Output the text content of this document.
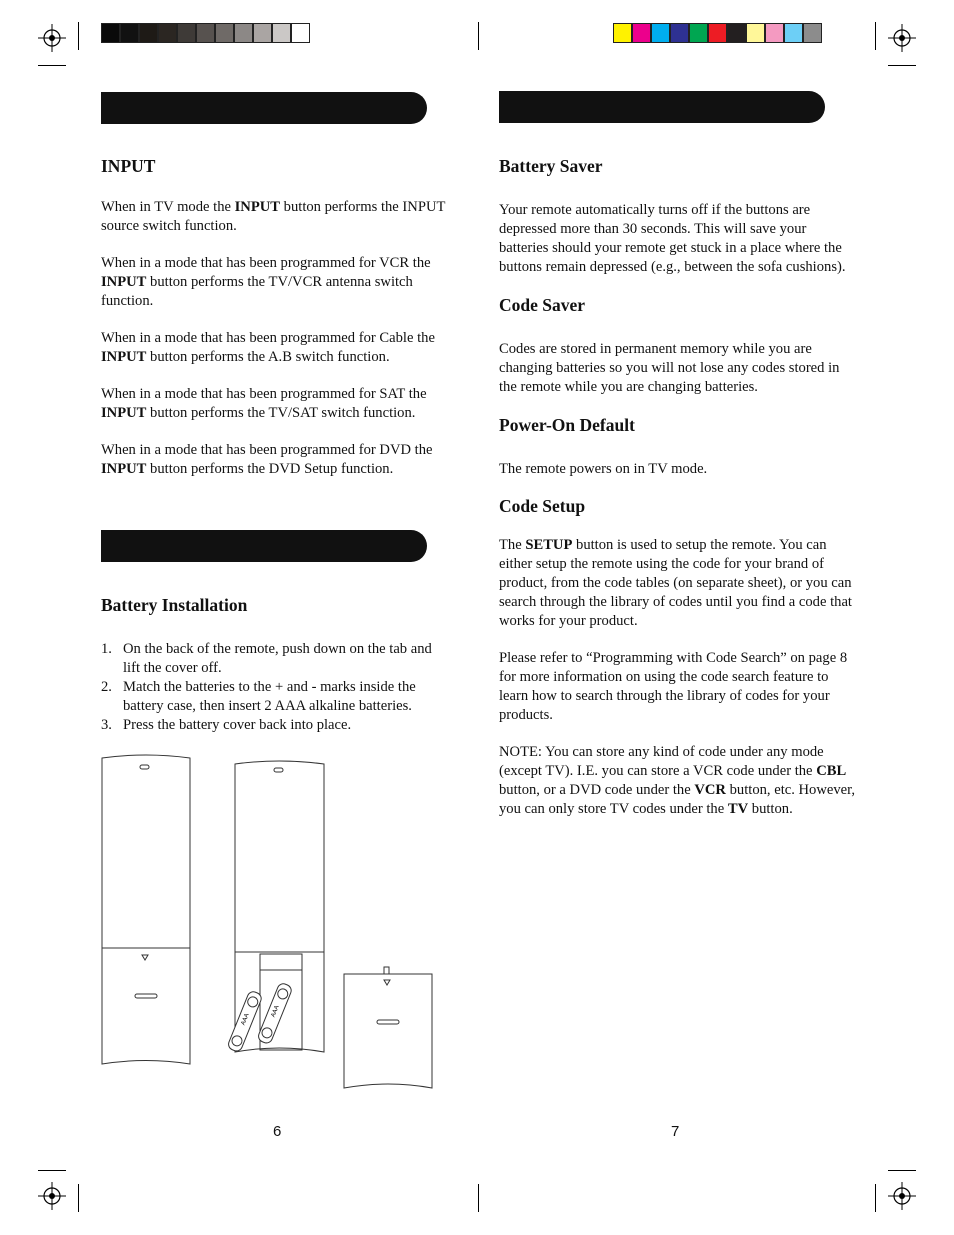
INPUT

When in TV mode the INPUT button performs the INPUT source switch function.

When in a mode that has been programmed for VCR the INPUT button performs the TV/VCR antenna switch function.

When in a mode that has been programmed for Cable the INPUT button performs the A.B switch function.

When in a mode that has been programmed for SAT the INPUT button performs the TV/SAT switch function.

When in a mode that has been programmed for DVD the INPUT button performs the DVD Setup function.

Battery Installation
1. On the back of the remote, push down on the tab and lift the cover off.
2. Match the batteries to the + and - marks inside the battery case, then insert 2 AAA alkaline batteries.
3. Press the battery cover back into place.
AAA
AAA
6
Battery Saver

Your remote automatically turns off if the buttons are depressed more than 30 seconds. This will save your batteries should your remote get stuck in a place where the buttons remain depressed (e.g., between the sofa cushions).

Code Saver

Codes are stored in permanent memory while you are changing batteries so you will not lose any codes stored in the remote while you are changing batteries.

Power-On Default

The remote powers on in TV mode.

Code Setup

The SETUP button is used to setup the remote. You can either setup the remote using the code for your brand of product, from the code tables (on separate sheet), or you can search through the library of codes until you find a code that works for your product.

Please refer to “Programming with Code Search” on page 8 for more information on using the code search feature to learn how to search through the library of codes for your products.

NOTE: You can store any kind of code under any mode (except TV). I.E. you can store a VCR code under the CBL button, or a DVD code under the VCR button, etc. However, you can only store TV codes under the TV button.

7
